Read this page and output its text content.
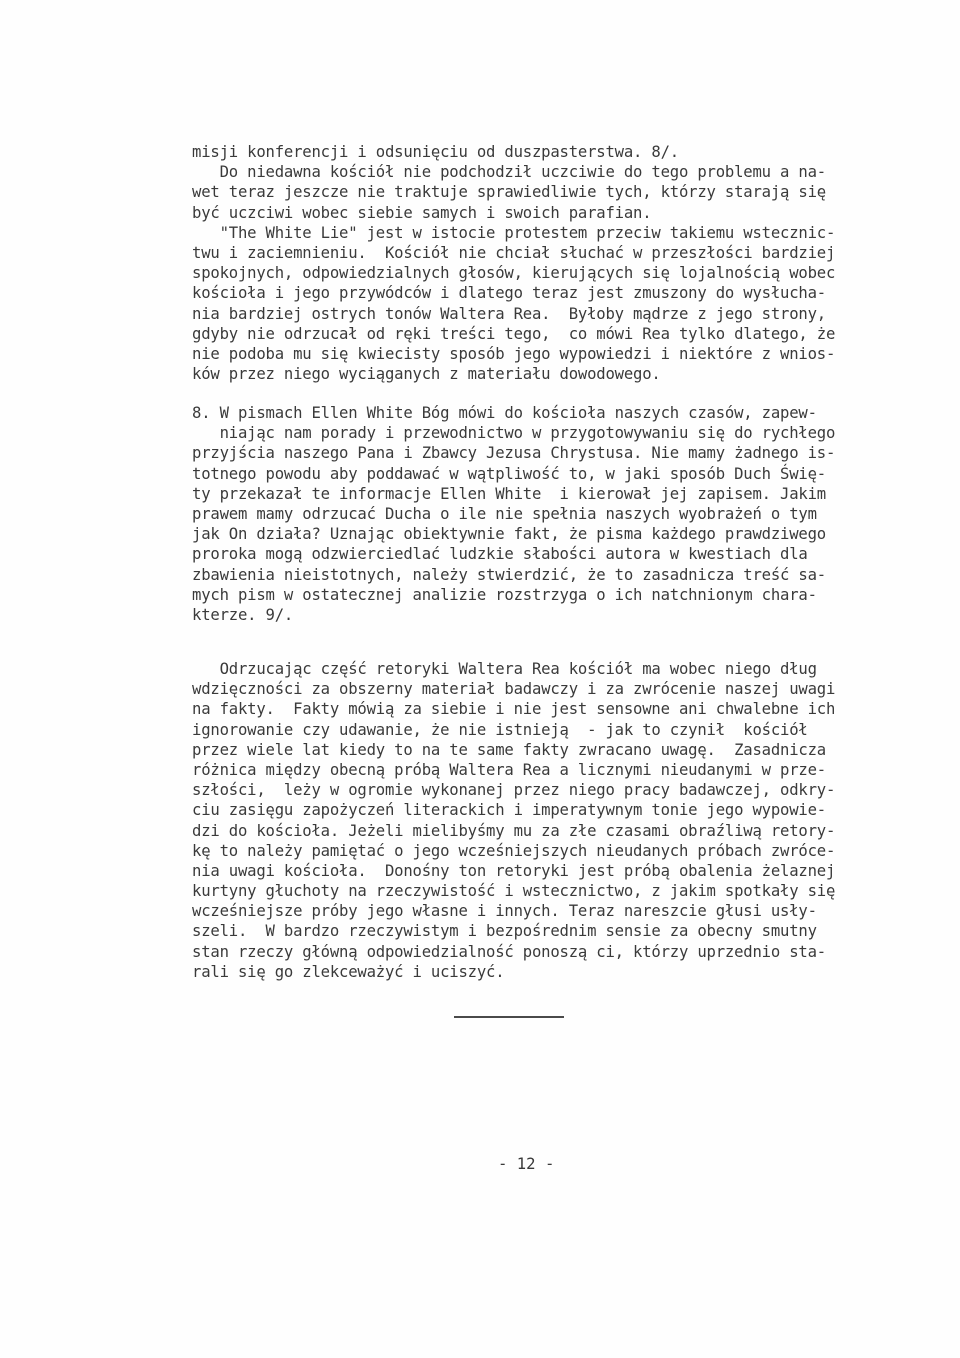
misji konferencji i odsunięciu od duszpasterstwa. 8/.
Do niedawna kościół nie podchodził uczciwie do tego problemu a na-
wet teraz jeszcze nie traktuje sprawiedliwie tych, którzy starają się
być uczciwi wobec siebie samych i swoich parafian.
"The White Lie" jest w istocie protestem przeciw takiemu wstecznic-
twu i zaciemnieniu.  Kościół nie chciał słuchać w przeszłości bardziej
spokojnych, odpowiedzialnych głosów, kierujących się lojalnością wobec
kościoła i jego przywódców i dlatego teraz jest zmuszony do wysłucha-
nia bardziej ostrych tonów Waltera Rea.  Byłoby mądrze z jego strony,
gdyby nie odrzucał od ręki treści tego,  co mówi Rea tylko dlatego, że
nie podoba mu się kwiecisty sposób jego wypowiedzi i niektóre z wnios-
ków przez niego wyciąganych z materiału dowodowego.
8. W pismach Ellen White Bóg mówi do kościoła naszych czasów, zapew-
niając nam porady i przewodnictwo w przygotowywaniu się do rychłego
przyjścia naszego Pana i Zbawcy Jezusa Chrystusa. Nie mamy żadnego is-
totnego powodu aby poddawać w wątpliwość to, w jaki sposób Duch Świę-
ty przekazał te informacje Ellen White  i kierował jej zapisem. Jakim
prawem mamy odrzucać Ducha o ile nie spełnia naszych wyobrażeń o tym
jak On działa? Uznając obiektywnie fakt, że pisma każdego prawdziwego
proroka mogą odzwierciedlać ludzkie słabości autora w kwestiach dla
zbawienia nieistotnych, należy stwierdzić, że to zasadnicza treść sa-
mych pism w ostatecznej analizie rozstrzyga o ich natchnionym chara-
kterze. 9/.
Odrzucając część retoryki Waltera Rea kościół ma wobec niego dług
wdzięczności za obszerny materiał badawczy i za zwrócenie naszej uwagi
na fakty.  Fakty mówią za siebie i nie jest sensowne ani chwalebne ich
ignorowanie czy udawanie, że nie istnieją  - jak to czynił  kościół
przez wiele lat kiedy to na te same fakty zwracano uwagę.  Zasadnicza
różnica między obecną próbą Waltera Rea a licznymi nieudanymi w prze-
szłości,  leży w ogromie wykonanej przez niego pracy badawczej, odkry-
ciu zasięgu zapożyczeń literackich i imperatywnym tonie jego wypowie-
dzi do kościoła. Jeżeli mielibyśmy mu za złe czasami obraźliwą retory-
kę to należy pamiętać o jego wcześniejszych nieudanych próbach zwróce-
nia uwagi kościoła.  Donośny ton retoryki jest próbą obalenia żelaznej
kurtyny głuchoty na rzeczywistość i wstecznictwo, z jakim spotkały się
wcześniejsze próby jego własne i innych. Teraz nareszcie głusi usły-
szeli.  W bardzo rzeczywistym i bezpośrednim sensie za obecny smutny
stan rzeczy główną odpowiedzialność ponoszą ci, którzy uprzednio sta-
rali się go zlekceważyć i uciszyć.
- 12 -
